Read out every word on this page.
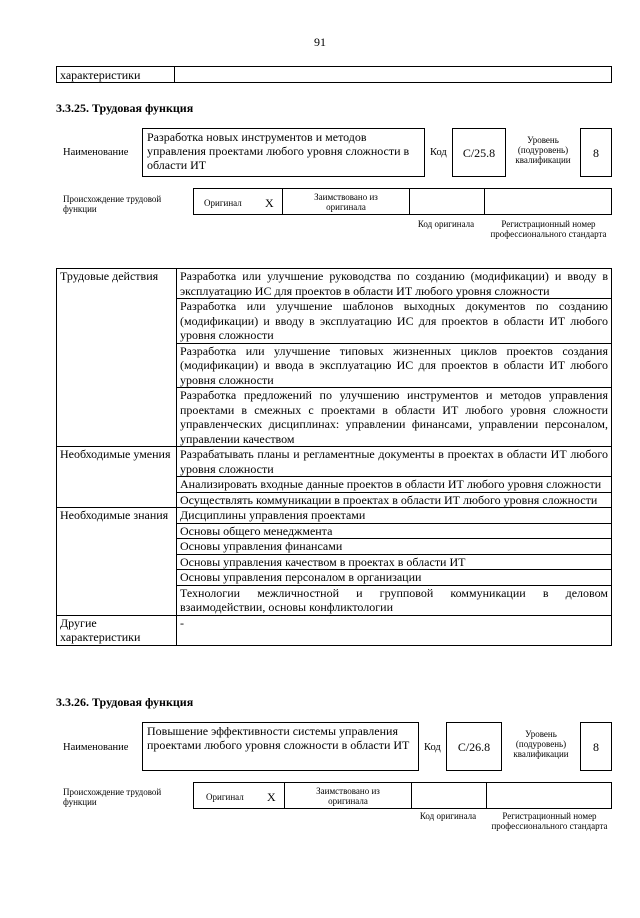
91
характеристики
3.3.25. Трудовая функция
Наименование
Разработка новых инструментов и методов управления проектами любого уровня сложности в области ИТ
Код	C/25.8
Уровень (подуровень) квалификации	8
Происхождение трудовой функции
Оригинал X	Заимствовано из оригинала
Код оригинала	Регистрационный номер профессионального стандарта
Трудовые действия	Разработка или улучшение руководства по созданию (модификации) и вводу в эксплуатацию ИС для проектов в области ИТ любого уровня сложности
	Разработка или улучшение шаблонов выходных документов по созданию (модификации) и вводу в эксплуатацию ИС для проектов в области ИТ любого уровня сложности
	Разработка или улучшение типовых жизненных циклов проектов создания (модификации) и ввода в эксплуатацию ИС для проектов в области ИТ любого уровня сложности
	Разработка предложений по улучшению инструментов и методов управления проектами в смежных с проектами в области ИТ любого уровня сложности управленческих дисциплинах: управлении финансами, управлении персоналом, управлении качеством
Необходимые умения	Разрабатывать планы и регламентные документы в проектах в области ИТ любого уровня сложности
	Анализировать входные данные проектов в области ИТ любого уровня сложности
	Осуществлять коммуникации в проектах в области ИТ любого уровня сложности
Необходимые знания	Дисциплины управления проектами
	Основы общего менеджмента
	Основы управления финансами
	Основы управления качеством в проектах в области ИТ
	Основы управления персоналом в организации
	Технологии межличностной и групповой коммуникации в деловом взаимодействии, основы конфликтологии
Другие характеристики	-
3.3.26. Трудовая функция
Наименование
Повышение эффективности системы управления проектами любого уровня сложности в области ИТ	Код	C/26.8
Уровень (подуровень) квалификации	8
Происхождение трудовой функции	Оригинал X	Заимствовано из оригинала
Код оригинала	Регистрационный номер профессионального стандарта
